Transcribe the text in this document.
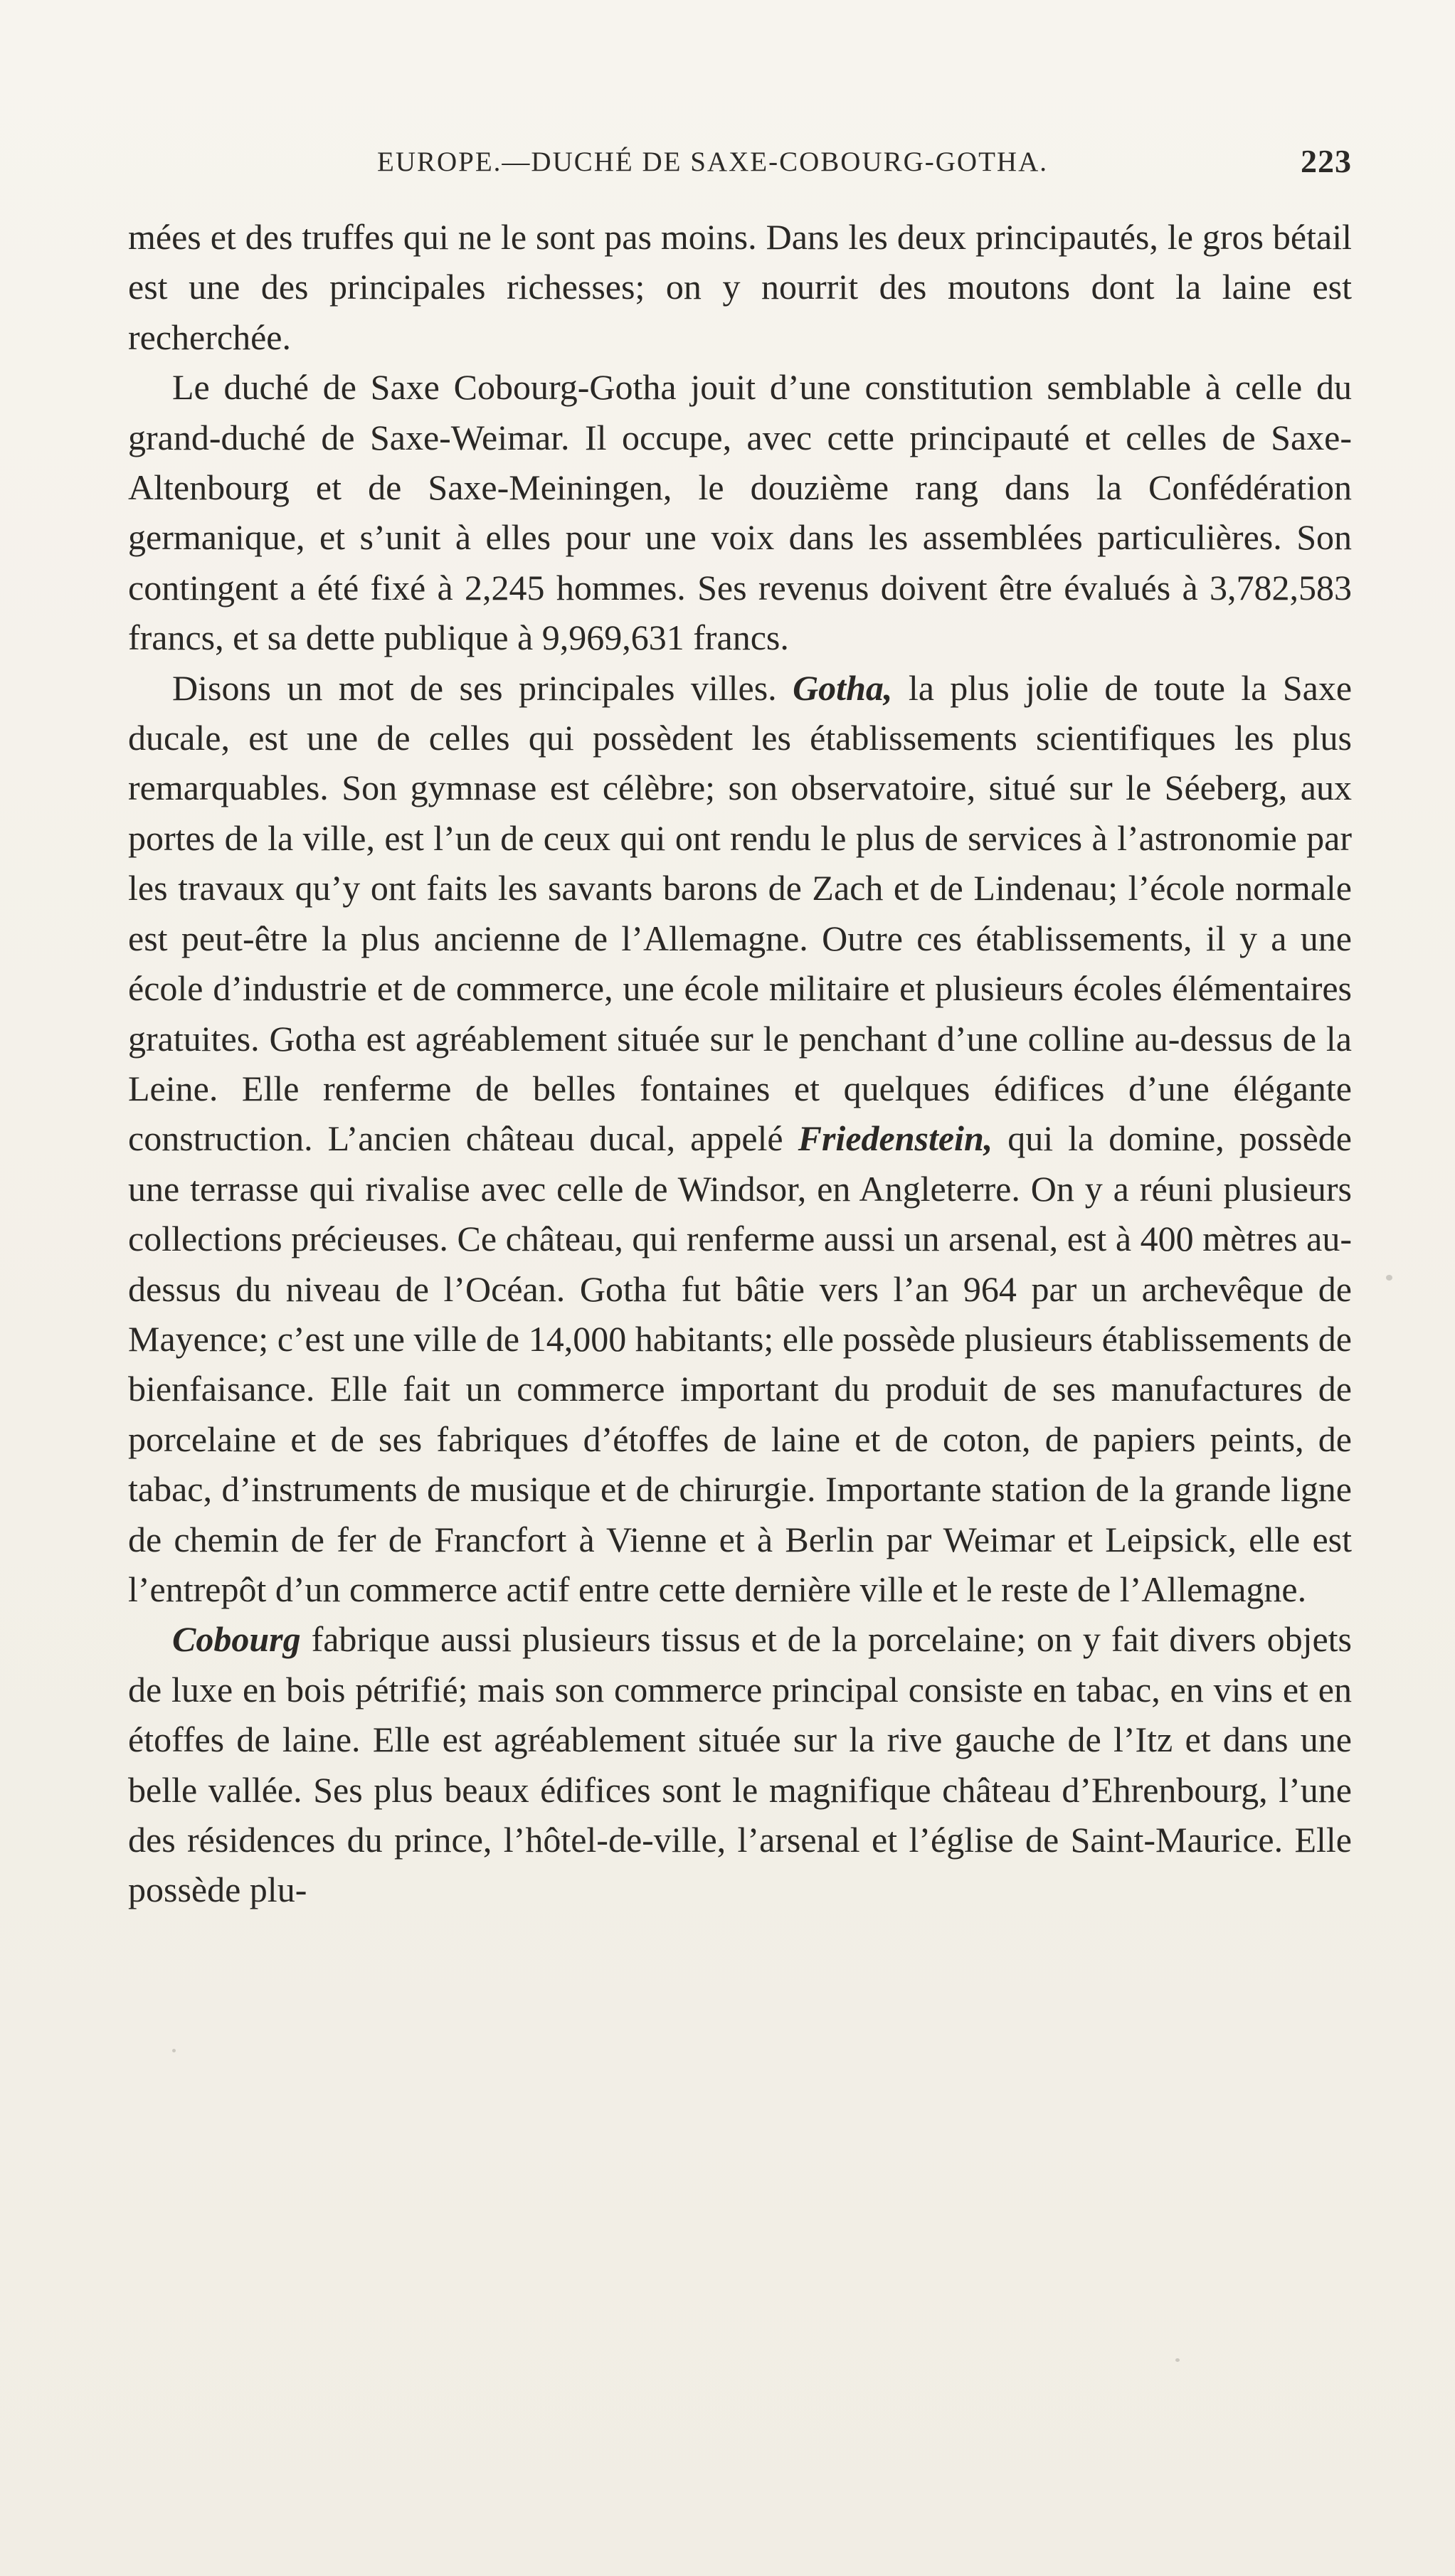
EUROPE.—DUCHÉ DE SAXE-COBOURG-GOTHA.	223

mées et des truffes qui ne le sont pas moins. Dans les deux principautés, le gros bétail est une des principales richesses; on y nourrit des moutons dont la laine est recherchée.

Le duché de Saxe Cobourg-Gotha jouit d’une constitution semblable à celle du grand-duché de Saxe-Weimar. Il occupe, avec cette principauté et celles de Saxe-Altenbourg et de Saxe-Meiningen, le douzième rang dans la Confédération germanique, et s’unit à elles pour une voix dans les assemblées particulières. Son contingent a été fixé à 2,245 hommes. Ses revenus doivent être évalués à 3,782,583 francs, et sa dette publique à 9,969,631 francs.

Disons un mot de ses principales villes. Gotha, la plus jolie de toute la Saxe ducale, est une de celles qui possèdent les établissements scientifiques les plus remarquables. Son gymnase est célèbre; son observatoire, situé sur le Séeberg, aux portes de la ville, est l’un de ceux qui ont rendu le plus de services à l’astronomie par les travaux qu’y ont faits les savants barons de Zach et de Lindenau; l’école normale est peut-être la plus ancienne de l’Allemagne. Outre ces établissements, il y a une école d’industrie et de commerce, une école militaire et plusieurs écoles élémentaires gratuites. Gotha est agréablement située sur le penchant d’une colline au-dessus de la Leine. Elle renferme de belles fontaines et quelques édifices d’une élégante construction. L’ancien château ducal, appelé Friedenstein, qui la domine, possède une terrasse qui rivalise avec celle de Windsor, en Angleterre. On y a réuni plusieurs collections précieuses. Ce château, qui renferme aussi un arsenal, est à 400 mètres au-dessus du niveau de l’Océan. Gotha fut bâtie vers l’an 964 par un archevêque de Mayence; c’est une ville de 14,000 habitants; elle possède plusieurs établissements de bienfaisance. Elle fait un commerce important du produit de ses manufactures de porcelaine et de ses fabriques d’étoffes de laine et de coton, de papiers peints, de tabac, d’instruments de musique et de chirurgie. Importante station de la grande ligne de chemin de fer de Francfort à Vienne et à Berlin par Weimar et Leipsick, elle est l’entrepôt d’un commerce actif entre cette dernière ville et le reste de l’Allemagne.

Cobourg fabrique aussi plusieurs tissus et de la porcelaine; on y fait divers objets de luxe en bois pétrifié; mais son commerce principal consiste en tabac, en vins et en étoffes de laine. Elle est agréablement située sur la rive gauche de l’Itz et dans une belle vallée. Ses plus beaux édifices sont le magnifique château d’Ehrenbourg, l’une des résidences du prince, l’hôtel-de-ville, l’arsenal et l’église de Saint-Maurice. Elle possède plu-
